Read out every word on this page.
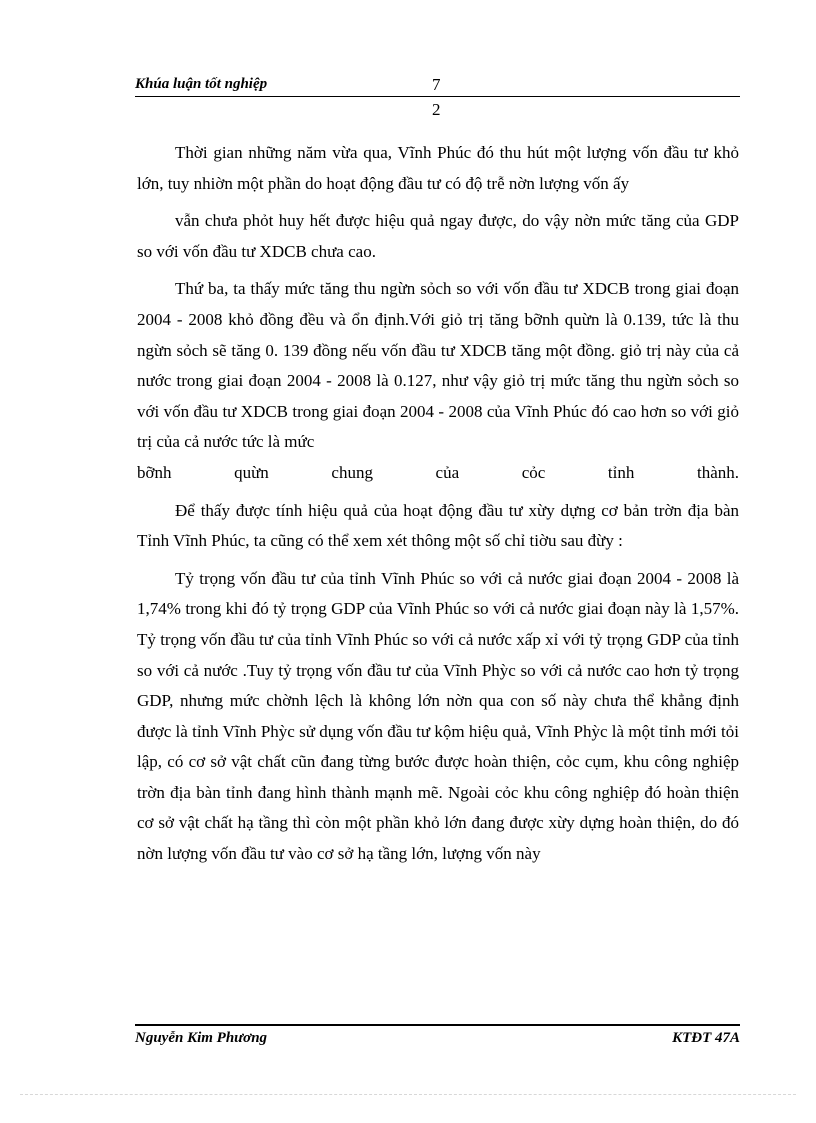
Khúa luận tốt nghiệp	7
2

Thời gian những năm vừa qua, Vĩnh Phúc đó thu hút một lượng vốn đầu tư khỏ lớn, tuy nhiờn một phần do hoạt động đầu tư có độ trễ nờn lượng vốn ấy

vẫn chưa phỏt huy hết được hiệu quả ngay được, do vậy nờn mức tăng của GDP so với vốn đầu tư XDCB chưa cao.

Thứ ba, ta thấy mức tăng thu ngừn sỏch so với vốn đầu tư XDCB trong giai đoạn 2004 - 2008 khỏ đồng đều và ổn định.Với giỏ trị tăng bỡnh quừn là 0.139, tức là thu ngừn sỏch sẽ tăng 0. 139 đồng nếu vốn đầu tư XDCB tăng một đồng. giỏ trị này của cả nước trong giai đoạn 2004 - 2008 là 0.127, như vậy giỏ trị mức tăng thu ngừn sỏch so với vốn đầu tư XDCB trong giai đoạn 2004 - 2008 của Vĩnh Phúc đó cao hơn so với giỏ trị của cả nước tức là mức

bỡnh quừn chung của cỏc tỉnh thành.

Để thấy được tính hiệu quả của hoạt động đầu tư xừy dựng cơ bản trờn địa bàn Tỉnh Vĩnh Phúc, ta cũng có thể xem xét thông một số chỉ tiờu sau đừy :

Tỷ trọng vốn đầu tư của tỉnh Vĩnh Phúc so với cả nước giai đoạn 2004 - 2008 là 1,74% trong khi đó tỷ trọng GDP của Vĩnh Phúc so với cả nước giai đoạn này là 1,57%. Tỷ trọng vốn đầu tư của tỉnh Vĩnh Phúc so với cả nước xấp xỉ với tỷ trọng GDP của tỉnh so với cả nước .Tuy tỷ trọng vốn đầu tư của Vĩnh Phỳc so với cả nước cao hơn tỷ trọng GDP, nhưng mức chờnh lệch là không lớn nờn qua con số này chưa thể khẳng định được là tỉnh Vĩnh Phỳc sử dụng vốn đầu tư kộm hiệu quả, Vĩnh Phỳc là một tỉnh mới tỏi lập, có cơ sở vật chất cũn đang từng bước được hoàn thiện, cỏc cụm, khu công nghiệp trờn địa bàn tỉnh đang hình thành mạnh mẽ. Ngoài cỏc khu công nghiệp đó hoàn thiện cơ sở vật chất hạ tầng thì còn một phần khỏ lớn đang được xừy dựng hoàn thiện, do đó nờn lượng vốn đầu tư vào cơ sở hạ tầng lớn, lượng vốn này

Nguyễn Kim Phương	KTĐT 47A
